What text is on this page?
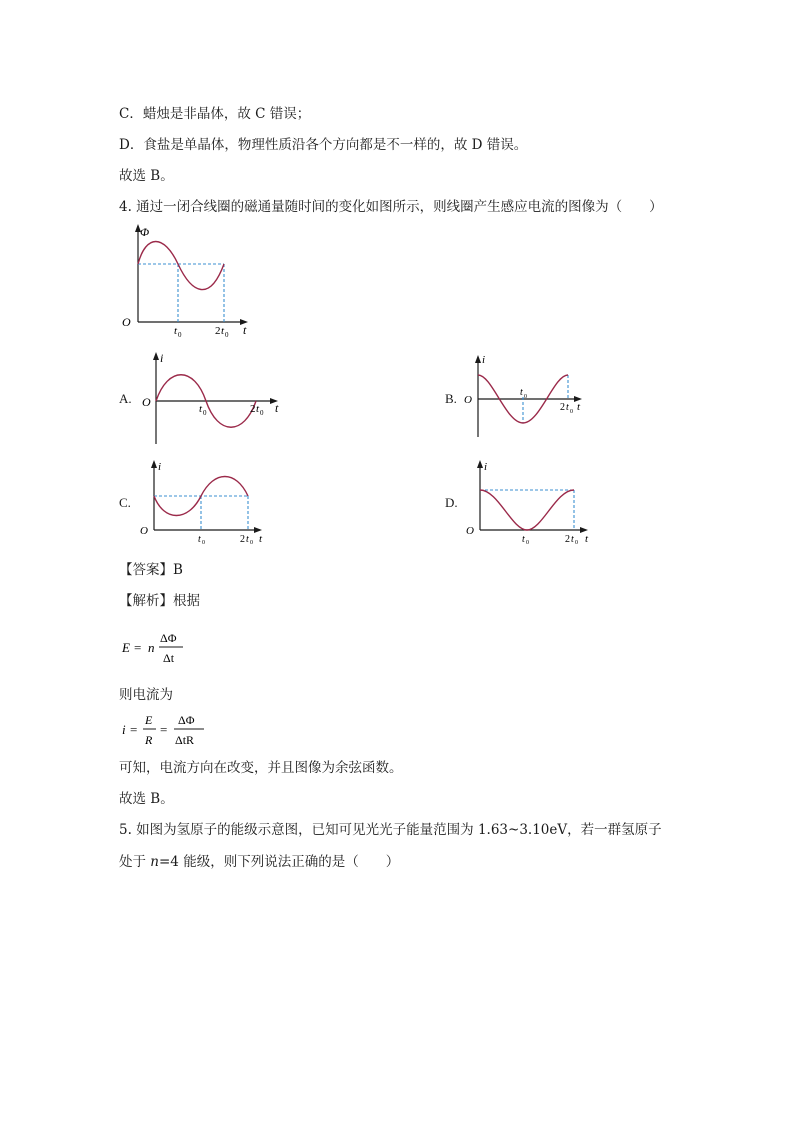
C．蜡烛是非晶体，故 C 错误；
D．食盐是单晶体，物理性质沿各个方向都是不一样的，故 D 错误。
故选 B。
4. 通过一闭合线圈的磁通量随时间的变化如图所示，则线圈产生感应电流的图像为（　　）
Φ
O
t 0	2 t 0 t
A.
i
O	t 0	2 t 0 t
B.
i
O
t 0
2 t 0 t
C.
i
O
t 0	2 t 0 t
D.
i
O
t 0	2 t 0 t
【答案】B
【解析】根据
E = n
ΔΦ
Δt
则电流为
i =
E
R
=
ΔΦ
ΔtR
可知，电流方向在改变，并且图像为余弦函数。
故选 B。
5. 如图为氢原子的能级示意图，已知可见光光子能量范围为 1.63~3.10eV，若一群氢原子
处于 n=4 能级，则下列说法正确的是（　　）
